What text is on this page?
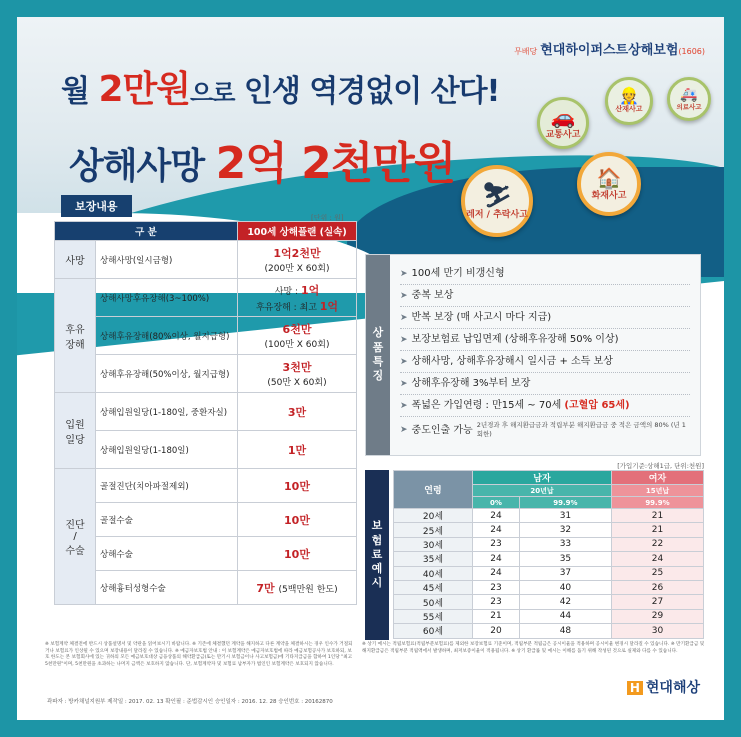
무배당 현대하이퍼스트상해보험(1606)
월 2만원으로 인생 역경없이 산다!
상해사망 2억 2천만원
🚗
교통사고
👷
산재사고
🚑
의료사고
⛷
레저 / 추락사고
🏠
화재사고
보장내용
[단위 : 원]
구 분		100세 상해플랜 (실속)
사망	상해사망(일시금형)	1억2천만
(200만 X 60회)

후유
장해	상해사망후유장해(3~100%)	사망 : 1억
후유장해 : 최고 1억
	상해후유장해(80%이상, 월지급형)	6천만
(100만 X 60회)

	상해후유장해(50%이상, 월지급형)	3천만
(50만 X 60회)

입원
일당	상해입원일당(1-180일, 중환자실)	3만
	상해입원일당(1-180일)	1만
진단
/
수술	골절진단(치아파절제외)	10만
	골절수술	10만
	상해수술	10만
	상해흉터성형수술	7만 (5백만원 한도)
상
품
특
징
➤ 100세 만기 비갱신형
➤ 중복 보상
➤ 반복 보장 (매 사고시 마다 지급)
➤ 보장보험료 납입면제 (상해후유장해 50% 이상)
➤ 상해사망, 상해후유장해시 일시금 + 소득 보상
➤ 상해후유장해 3%부터 보장
➤ 폭넓은 가입연령 : 만15세 ~ 70세 (고혈압 65세)
➤ 중도인출 가능 2년경과 후 해지환급금과 적립부분 해지환급금 중 적은 금액의 80% (년 1회한)
[가입기준:상해1급, 단위:천원]
보
험
료
예
시
연령	남자		여자
	20년납		15년납
	0%	99.9%	99.9%
20세	24	31	21
25세	24	32	21
30세	23	33	22
35세	24	35	24
40세	24	37	25
45세	23	40	26
50세	23	42	27
55세	21	44	29
60세	20	48	30
※ 보험계약 체결전에 반드시 상품설명서 및 약관을 읽어보시기 바랍니다. ※ 기존에 체결했던 계약을 해지하고 다른 계약을 체결하시는 경우 인수가 거절되거나 보험료가 인상될 수 있으며 보장내용이 달라질 수 있습니다. ※ 예금자보호법 안내 : 이 보험계약은 예금자보호법에 따라 예금보험공사가 보호하되, 보호 한도는 본 보험회사에 있는 귀하의 모든 예금보호대상 금융상품의 해약환급금(또는 만기시 보험금이나 사고보험금)에 기타지급금을 합하여 1인당 "최고 5천만원"이며, 5천만원을 초과하는 나머지 금액은 보호하지 않습니다. 단, 보험계약자 및 보험료 납부자가 법인인 보험계약은 보호되지 않습니다.
※ 상기 예시는 적립보험료(적립부분보험료)를 제외한 보장보험료 기준이며, 적립부분 적립금은 공시이율을 적용하며 공시이율 변경시 달라질 수 있습니다. ※ 만기환급금 및 해지환급금은 적립부분 적립액에서 발생하며, 최저보증이율이 적용됩니다. ※ 상기 환급률 및 예시는 이해를 돕기 위해 작성된 것으로 실제와 다를 수 있습니다.
곽파자 : 방카채널지원부 제작일 : 2017. 02. 13 확인필 : 준법감시인 승인일자 : 2016. 12. 28 승인번호 : 20162870
H 현대해상
